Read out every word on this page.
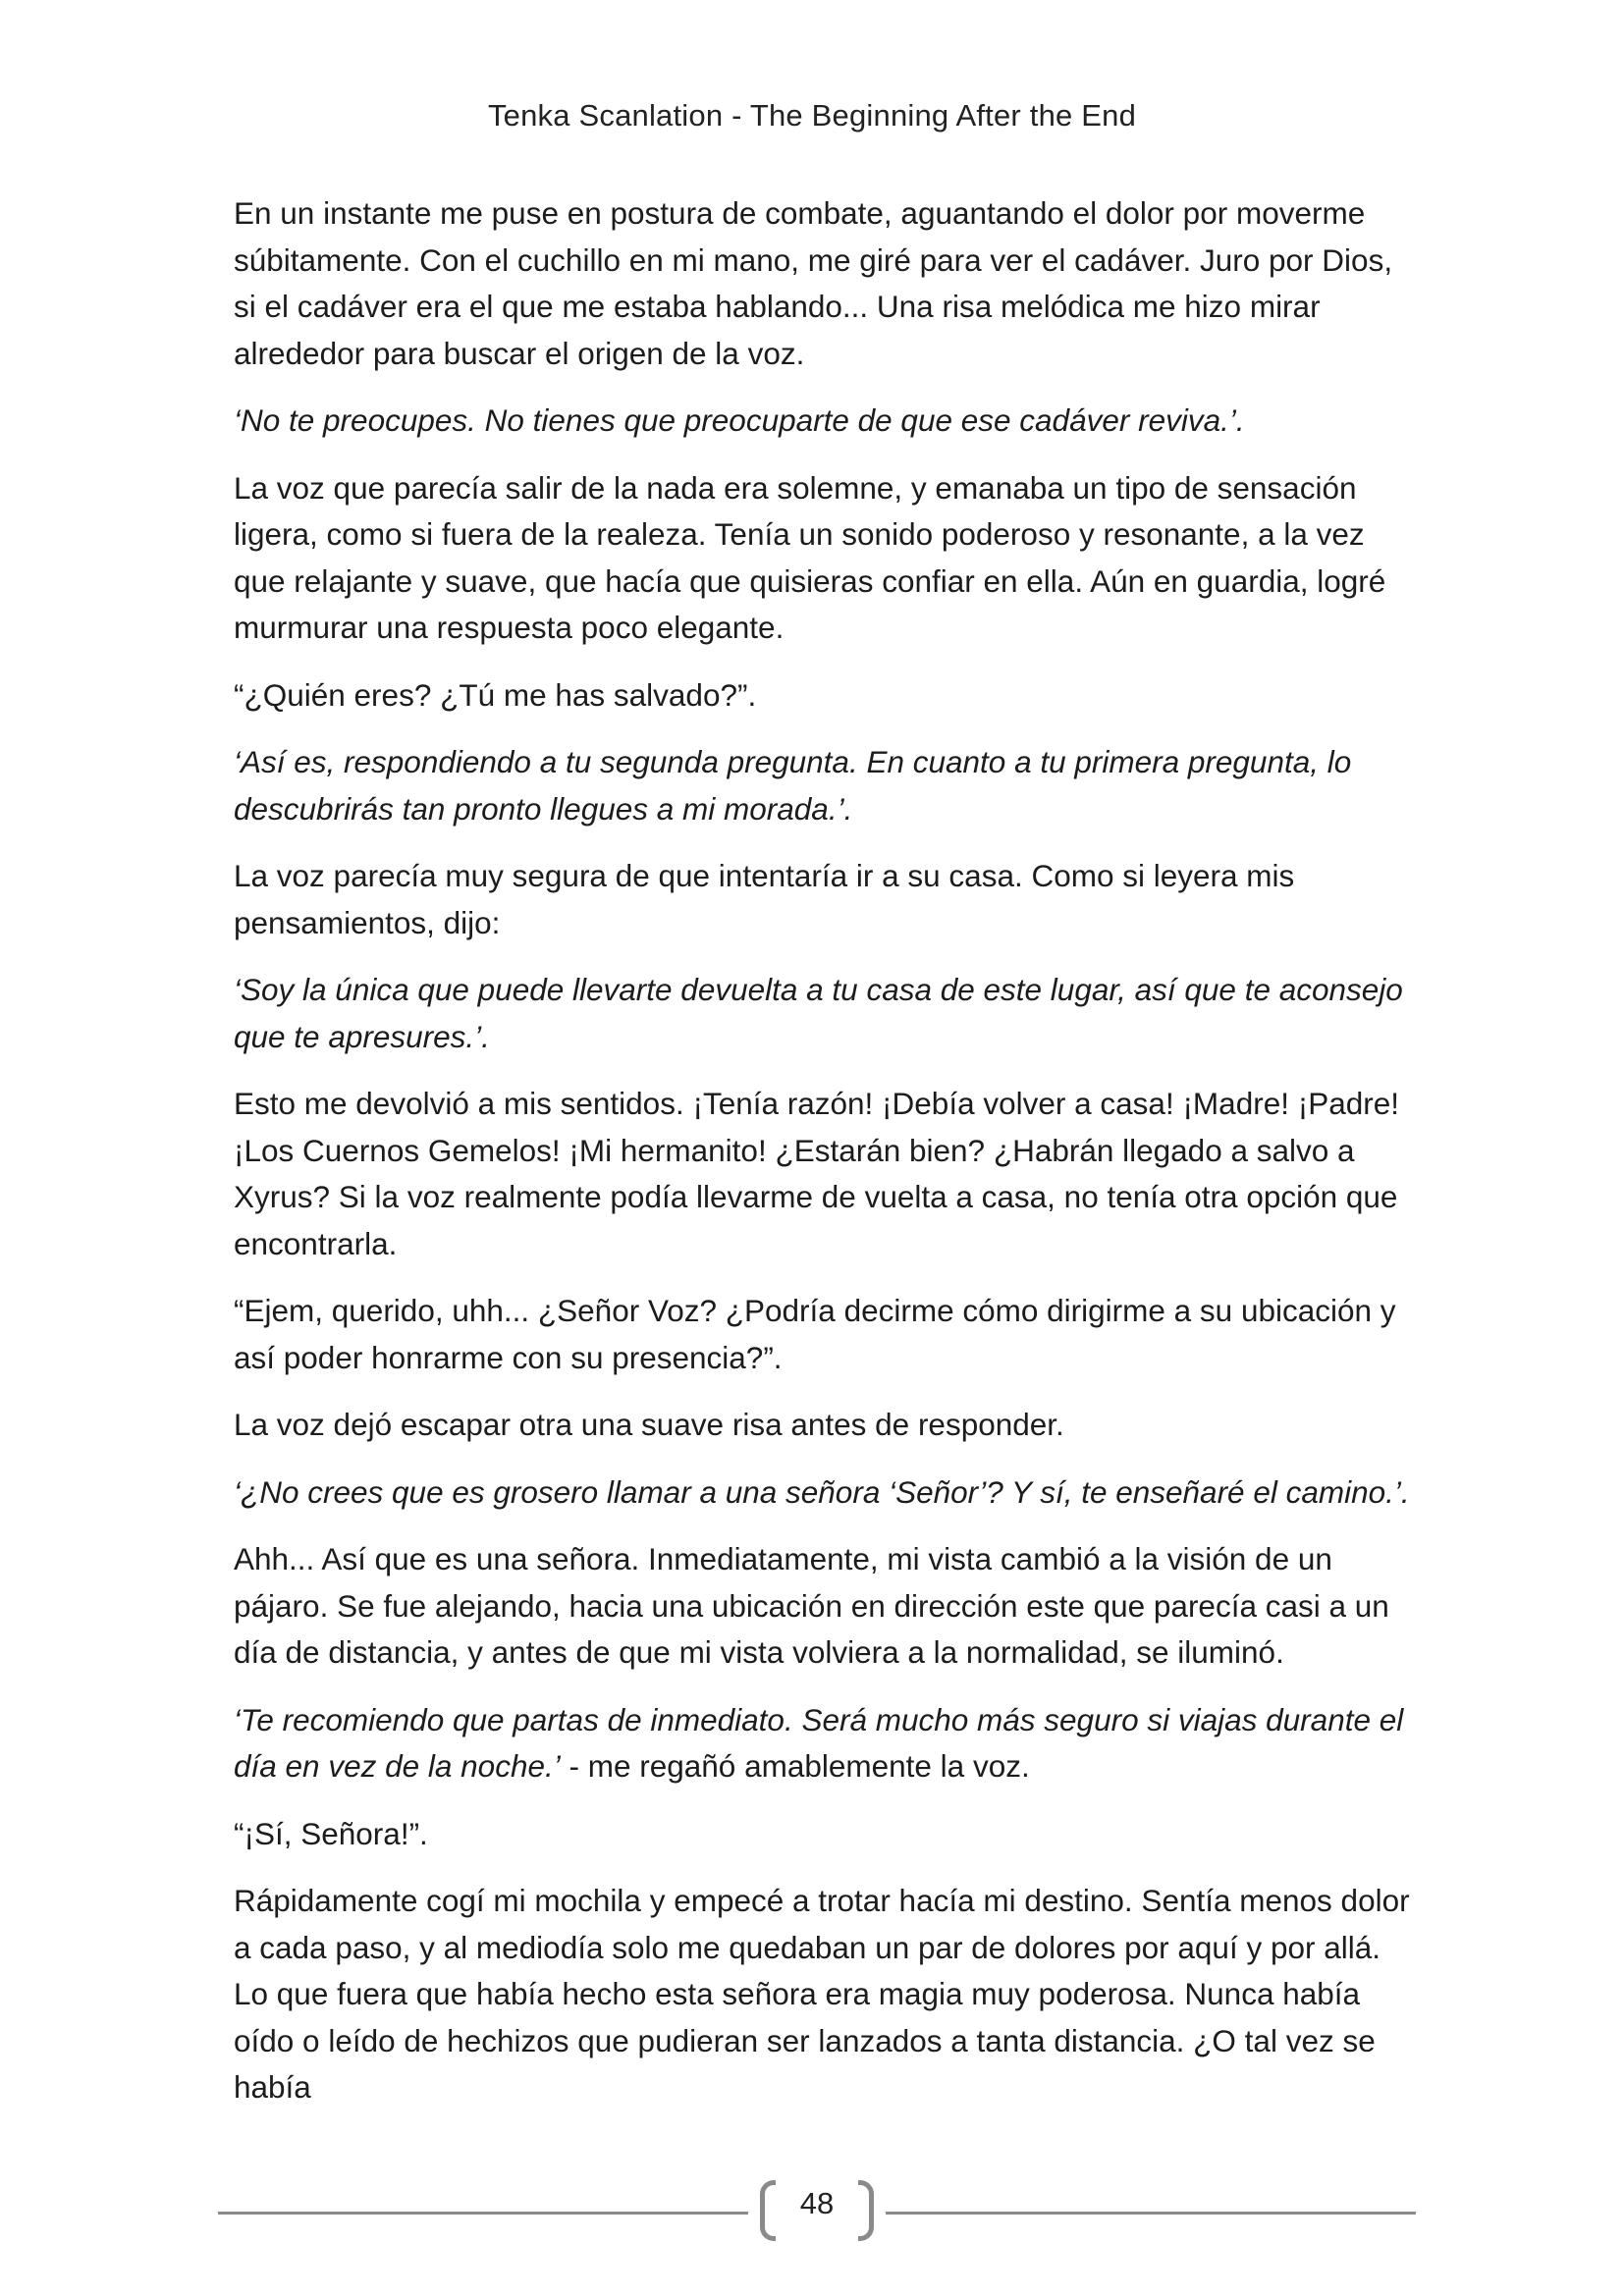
Tenka Scanlation - The Beginning After the End

En un instante me puse en postura de combate, aguantando el dolor por moverme súbitamente. Con el cuchillo en mi mano, me giré para ver el cadáver. Juro por Dios, si el cadáver era el que me estaba hablando... Una risa melódica me hizo mirar alrededor para buscar el origen de la voz.

‘No te preocupes. No tienes que preocuparte de que ese cadáver reviva.’.

La voz que parecía salir de la nada era solemne, y emanaba un tipo de sensación ligera, como si fuera de la realeza. Tenía un sonido poderoso y resonante, a la vez que relajante y suave, que hacía que quisieras confiar en ella. Aún en guardia, logré murmurar una respuesta poco elegante.

“¿Quién eres? ¿Tú me has salvado?”.

‘Así es, respondiendo a tu segunda pregunta. En cuanto a tu primera pregunta, lo descubrirás tan pronto llegues a mi morada.’.

La voz parecía muy segura de que intentaría ir a su casa. Como si leyera mis pensamientos, dijo:

‘Soy la única que puede llevarte devuelta a tu casa de este lugar, así que te aconsejo que te apresures.’.

Esto me devolvió a mis sentidos. ¡Tenía razón! ¡Debía volver a casa! ¡Madre! ¡Padre! ¡Los Cuernos Gemelos! ¡Mi hermanito! ¿Estarán bien? ¿Habrán llegado a salvo a Xyrus? Si la voz realmente podía llevarme de vuelta a casa, no tenía otra opción que encontrarla.

“Ejem, querido, uhh... ¿Señor Voz? ¿Podría decirme cómo dirigirme a su ubicación y así poder honrarme con su presencia?”.

La voz dejó escapar otra una suave risa antes de responder.

‘¿No crees que es grosero llamar a una señora ‘Señor’? Y sí, te enseñaré el camino.’.

Ahh... Así que es una señora. Inmediatamente, mi vista cambió a la visión de un pájaro. Se fue alejando, hacia una ubicación en dirección este que parecía casi a un día de distancia, y antes de que mi vista volviera a la normalidad, se iluminó.

‘Te recomiendo que partas de inmediato. Será mucho más seguro si viajas durante el día en vez de la noche.’ - me regañó amablemente la voz.

“¡Sí, Señora!”.

Rápidamente cogí mi mochila y empecé a trotar hacía mi destino. Sentía menos dolor a cada paso, y al mediodía solo me quedaban un par de dolores por aquí y por allá. Lo que fuera que había hecho esta señora era magia muy poderosa. Nunca había oído o leído de hechizos que pudieran ser lanzados a tanta distancia. ¿O tal vez se había

48
